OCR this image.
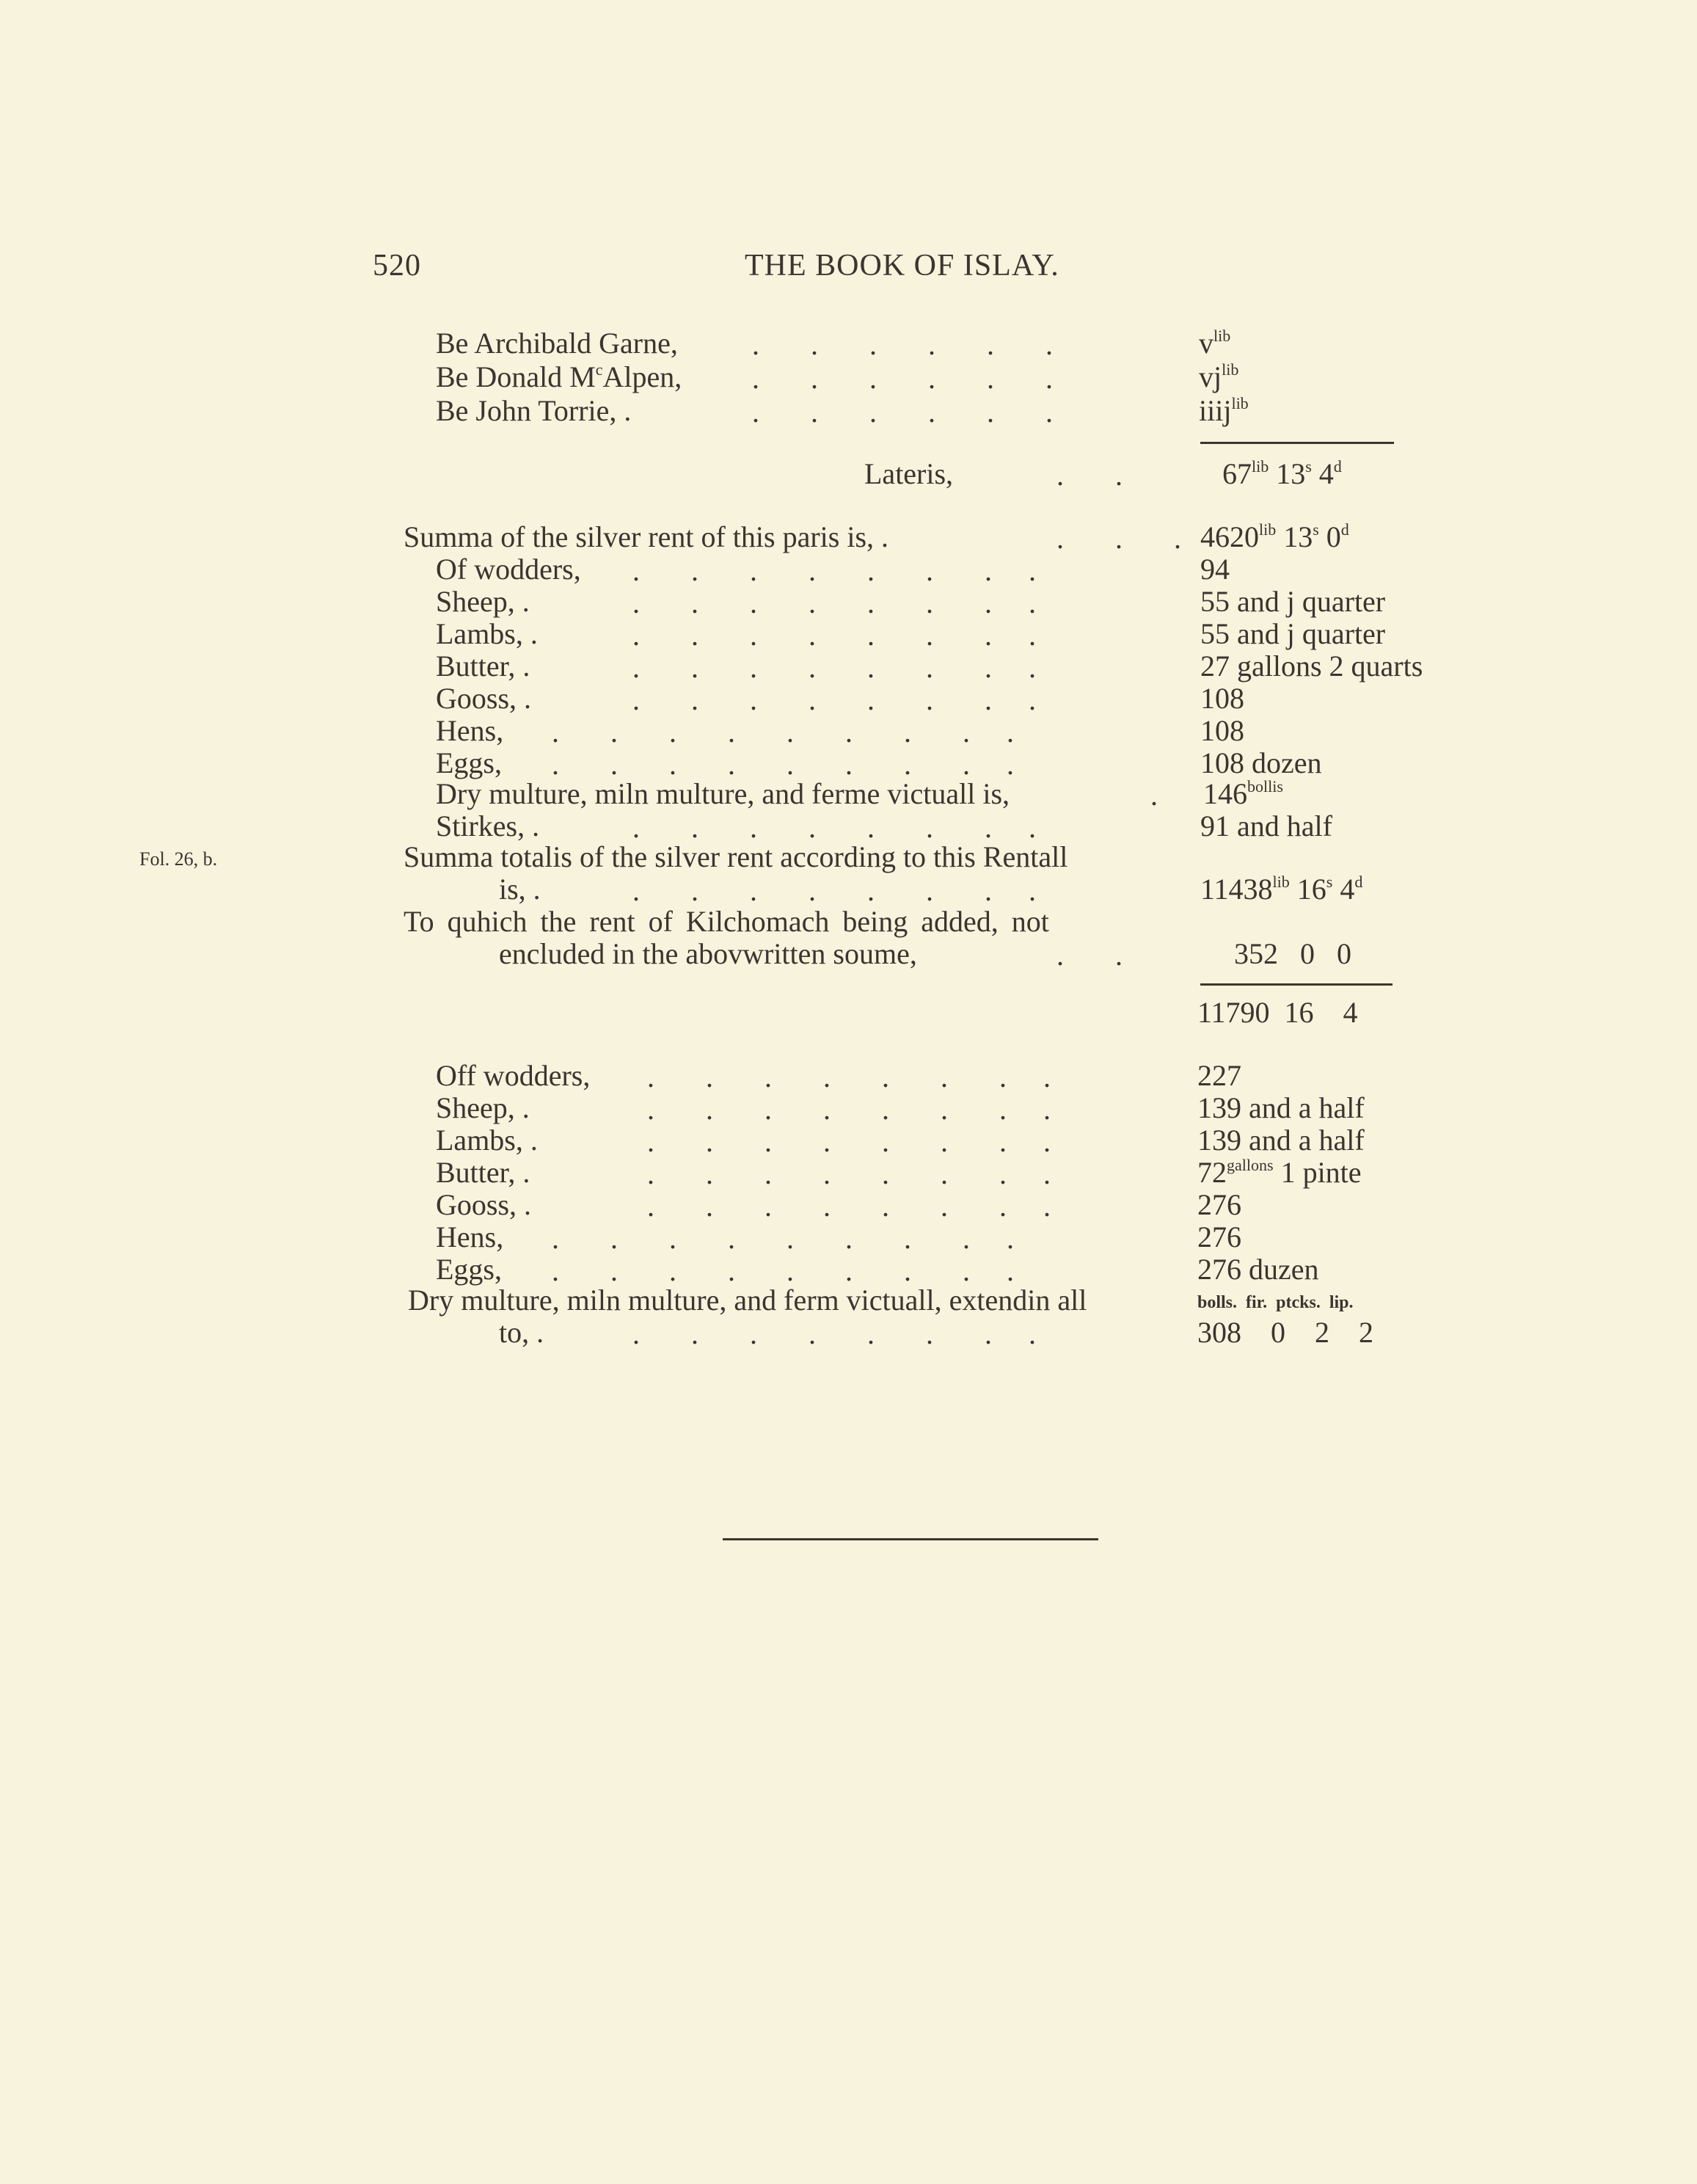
520	THE BOOK OF ISLAY.
Be Archibald Garne,	.       .       .       .       .       .	$v^{lib}$
Be Donald $M^cAlpen$, .       .       .       .       .       .	$vj^{lib}$
Be John Torrie, .	.       .       .       .       .       .	iiij$^{lib}$
Lateris,	.       .	$67^{lib}$ 13$^s$ 4$^d$
Summa of the silver rent of this paris is, .	.       .       . $4620^{lib}$ 13$^s$ 0$^d$
Of wodders, .       .       .       .       .       .       .     .	94
Sheep, .	.       .       .       .       .       .       .     .	55 and j quarter
Lambs, .	.       .       .       .       .       .       .     .	55 and j quarter
Butter, .	.       .       .       .       .       .       .     .	27 gallons 2 quarts
Gooss, .	.       .       .       .       .       .       .     .	108
Hens, .       .       .       .       .       .       .       .     .	108
Eggs, .       .       .       .       .       .       .       .     .	108 dozen
Dry multure, miln multure, and ferme victuall is,	. $146^{bollis}$
Stirkes, .	.       .       .       .       .       .       .     .	91 and half
Fol. 26, b.	Summa totalis of the silver rent according to this Rentall
is, .	.       .       .       .       .       .       .     .	$11438^{lib}$ 16$^s$ 4$^d$
To quhich the rent of Kilchomach being added, not
encluded in the abovwritten soume,	.       .	352   0   0
11790  16    4
Off wodders, .       .       .       .       .       .       .     .	227
Sheep, .	.       .       .       .       .       .       .     .	139 and a half
Lambs, .	.       .       .       .       .       .       .     .	139 and a half
Butter, .	.       .       .       .       .       .       .     .	$72^{gallons}$ 1 pinte
Gooss, .	.       .       .       .       .       .       .     .	276
Hens, .       .       .       .       .       .       .       .     .	276
Eggs, .       .       .       .       .       .       .       .     .	276 duzen
Dry multure, miln multure, and ferm victuall, extendin all	bolls.  fir.  ptcks.  lip.
to, .	.       .       .       .       .       .       .     .	308    0    2    2
